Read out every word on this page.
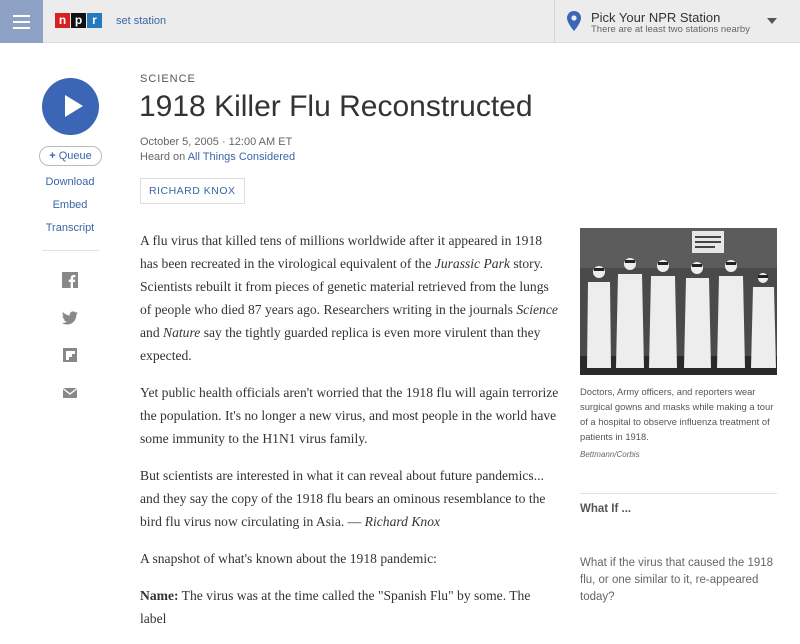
n p r	set station	Pick Your NPR Station
There are at least two stations nearby
+ Queue
Download
Embed
Transcript
SCIENCE
1918 Killer Flu Reconstructed
October 5, 2005 · 12:00 AM ET
Heard on All Things Considered
RICHARD KNOX

A flu virus that killed tens of millions worldwide after it appeared in 1918 has been recreated in the virological equivalent of the Jurassic Park story. Scientists rebuilt it from pieces of genetic material retrieved from the lungs of people who died 87 years ago. Researchers writing in the journals Science and Nature say the tightly guarded replica is even more virulent than they expected.

Yet public health officials aren't worried that the 1918 flu will again terrorize the population. It's no longer a new virus, and most people in the world have some immunity to the H1N1 virus family.

But scientists are interested in what it can reveal about future pandemics... and they say the copy of the 1918 flu bears an ominous resemblance to the bird flu virus now circulating in Asia. — Richard Knox

A snapshot of what's known about the 1918 pandemic:

Name: The virus was at the time called the "Spanish Flu" by some. The label

Doctors, Army officers, and reporters wear surgical gowns and masks while making a tour of a hospital to observe influenza treatment of patients in 1918.
Bettmann/Corbis
What If ...
What if the virus that caused the 1918 flu, or one similar to it, re-appeared today?
